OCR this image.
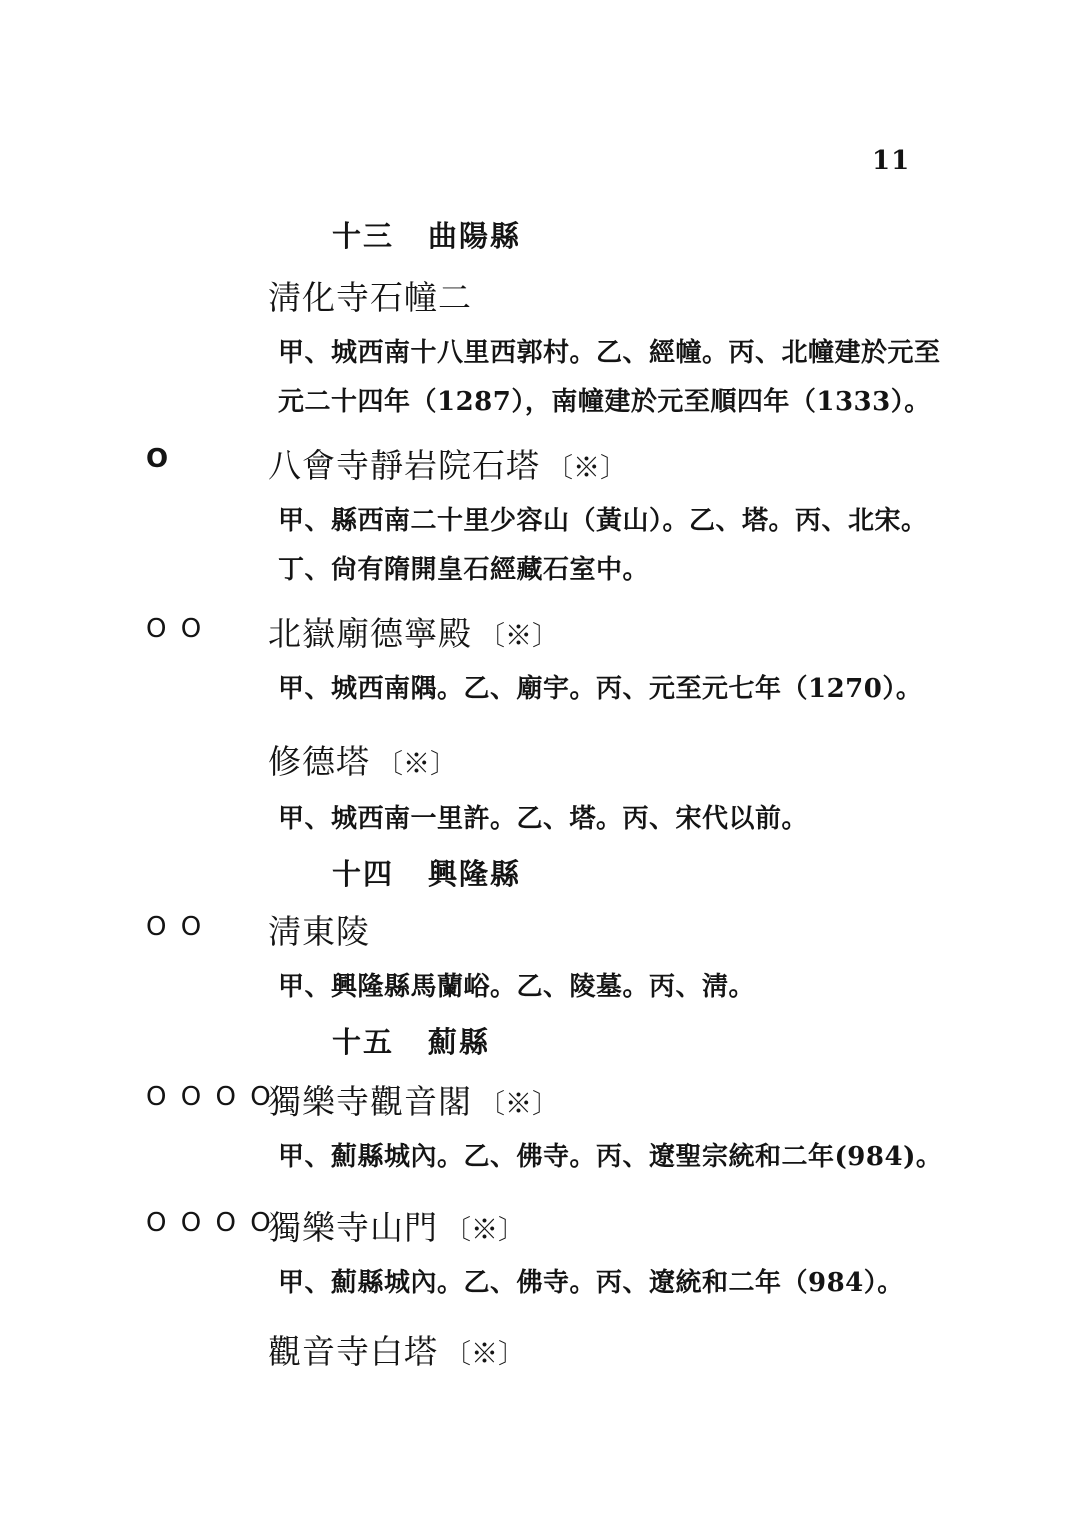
11
十三 曲陽縣
淸化寺石幢二
甲、城西南十八里西郭村。乙、經幢。丙、北幢建於元至
元二十四年（1287），南幢建於元至順四年（1333）。
O	八會寺靜岩院石塔 〔※〕
甲、縣西南二十里少容山（黃山）。乙、塔。丙、北宋。
丁、尙有隋開皇石經藏石室中。
O O 北嶽廟德寧殿 〔※〕
甲、城西南隅。乙、廟宇。丙、元至元七年（1270）。
修德塔 〔※〕
甲、城西南一里許。乙、塔。丙、宋代以前。
十四 興隆縣
O O 淸東陵
甲、興隆縣馬蘭峪。乙、陵墓。丙、淸。
十五 薊縣
O O O O
獨樂寺觀音閣 〔※〕
甲、薊縣城內。乙、佛寺。丙、遼聖宗統和二年(984)。
O O O O
獨樂寺山門 〔※〕
甲、薊縣城內。乙、佛寺。丙、遼統和二年（984）。
觀音寺白塔 〔※〕
